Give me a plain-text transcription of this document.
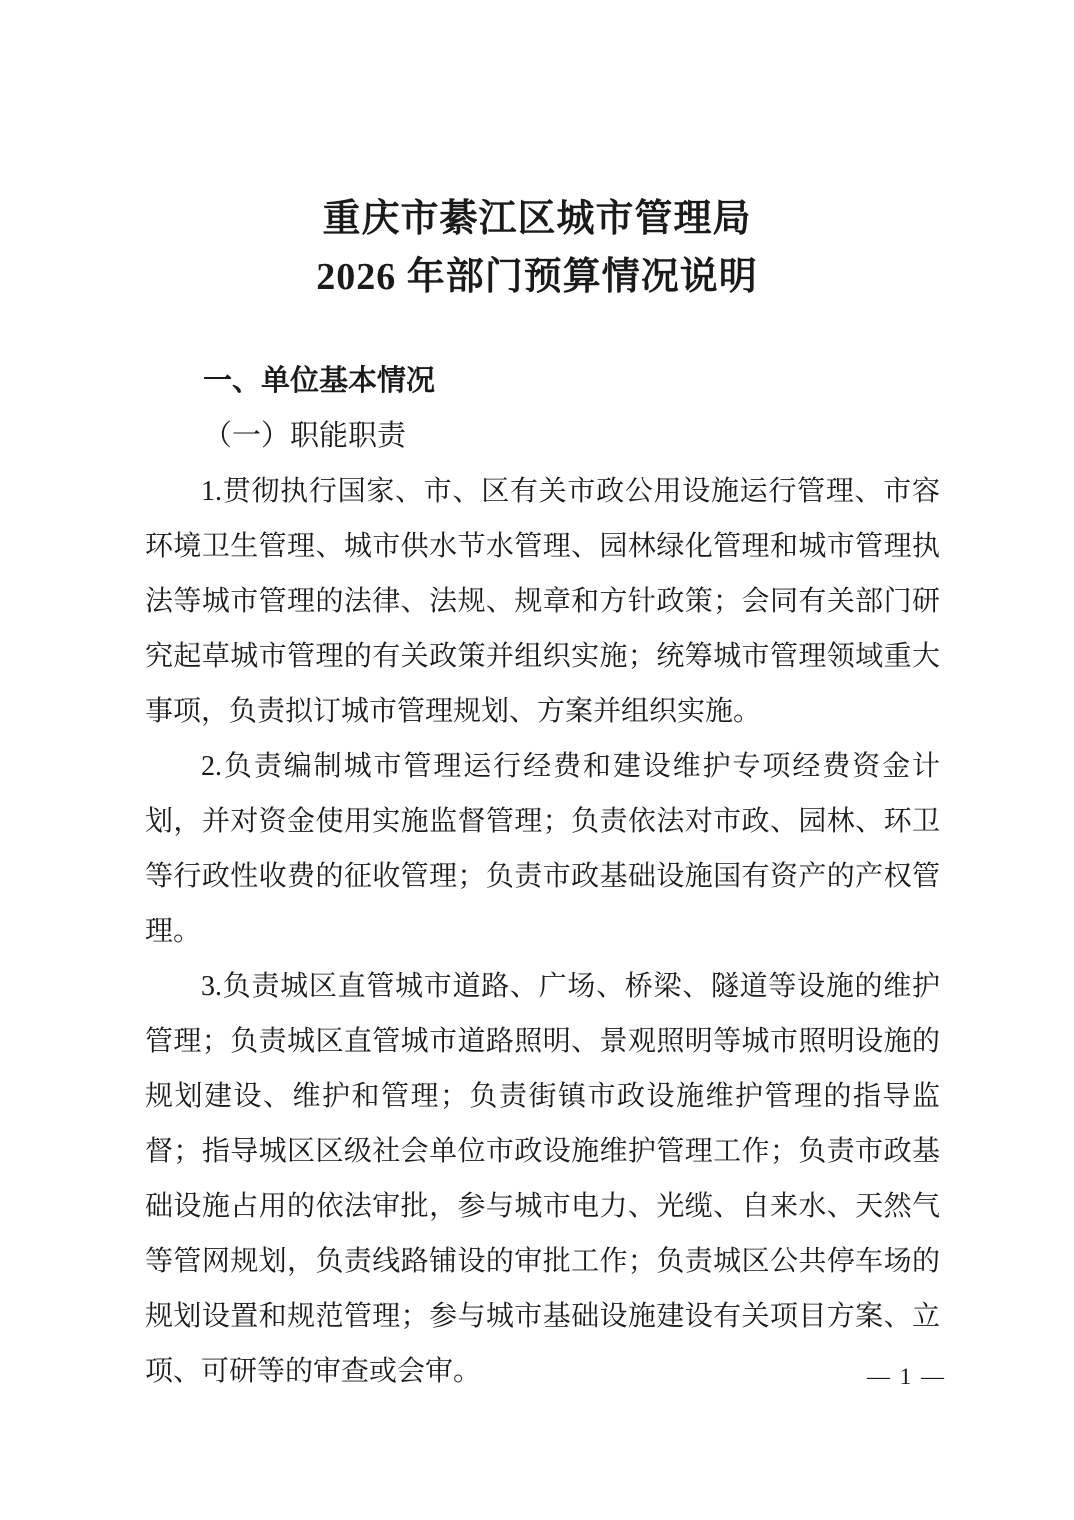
重庆市綦江区城市管理局
2026 年部门预算情况说明
一、单位基本情况
（一）职能职责

1.贯彻执行国家、市、区有关市政公用设施运行管理、市容环境卫生管理、城市供水节水管理、园林绿化管理和城市管理执法等城市管理的法律、法规、规章和方针政策；会同有关部门研究起草城市管理的有关政策并组织实施；统筹城市管理领域重大事项，负责拟订城市管理规划、方案并组织实施。

2.负责编制城市管理运行经费和建设维护专项经费资金计划，并对资金使用实施监督管理；负责依法对市政、园林、环卫等行政性收费的征收管理；负责市政基础设施国有资产的产权管理。

3.负责城区直管城市道路、广场、桥梁、隧道等设施的维护管理；负责城区直管城市道路照明、景观照明等城市照明设施的规划建设、维护和管理；负责街镇市政设施维护管理的指导监督；指导城区区级社会单位市政设施维护管理工作；负责市政基础设施占用的依法审批，参与城市电力、光缆、自来水、天然气等管网规划，负责线路铺设的审批工作；负责城区公共停车场的规划设置和规范管理；参与城市基础设施建设有关项目方案、立项、可研等的审查或会审。	— 1 —
